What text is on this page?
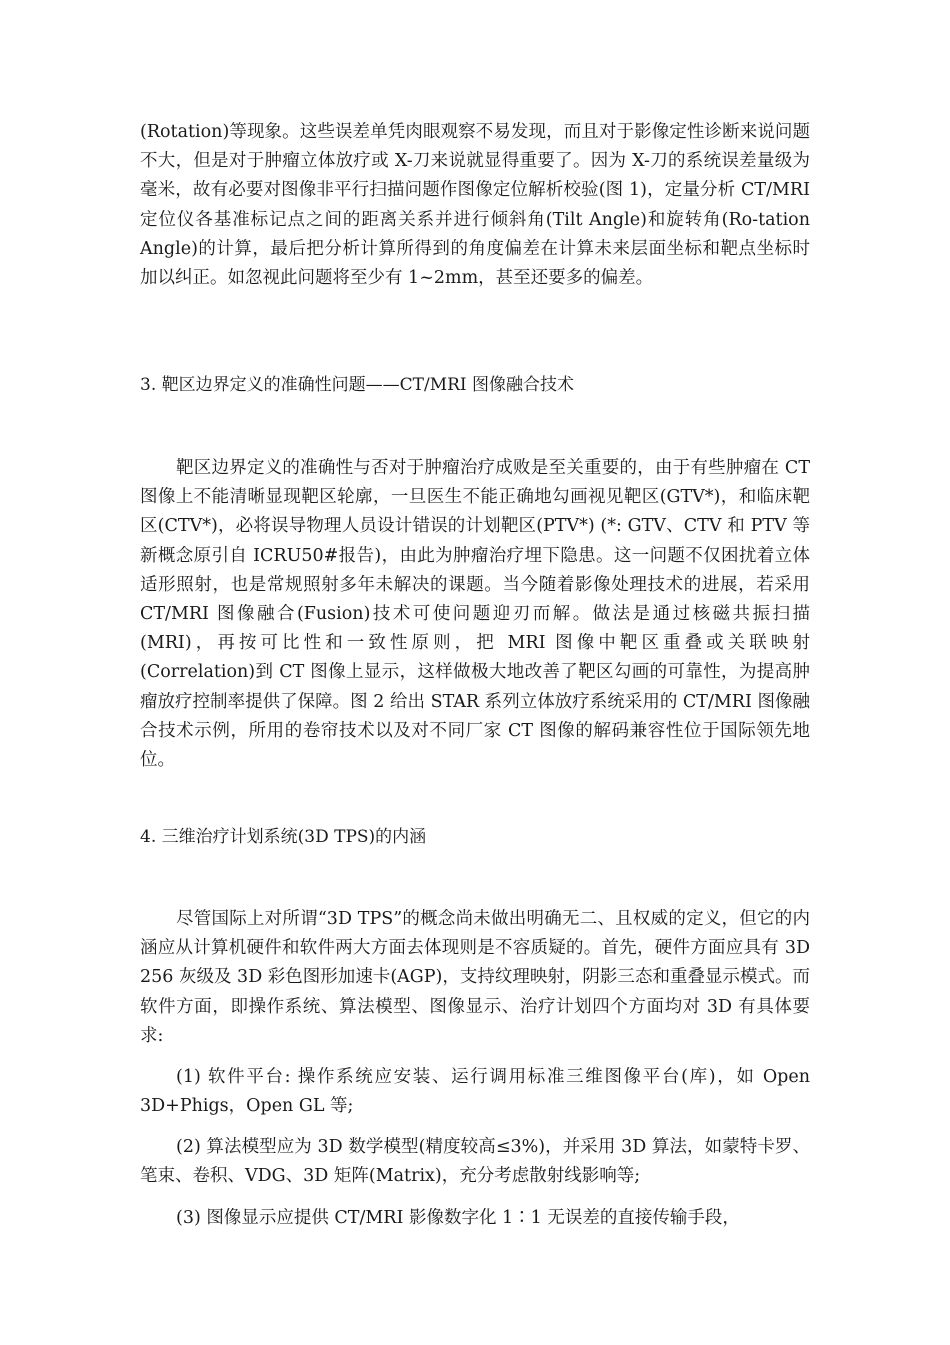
(Rotation)等现象。这些误差单凭肉眼观察不易发现，而且对于影像定性诊断来说问题不大，但是对于肿瘤立体放疗或 X-刀来说就显得重要了。因为 X-刀的系统误差量级为毫米，故有必要对图像非平行扫描问题作图像定位解析校验(图 1)，定量分析 CT/MRI 定位仪各基准标记点之间的距离关系并进行倾斜角(Tilt Angle)和旋转角(Ro-tation Angle)的计算，最后把分析计算所得到的角度偏差在计算未来层面坐标和靶点坐标时加以纠正。如忽视此问题将至少有 1~2mm，甚至还要多的偏差。

3. 靶区边界定义的准确性问题——CT/MRI 图像融合技术

靶区边界定义的准确性与否对于肿瘤治疗成败是至关重要的，由于有些肿瘤在 CT 图像上不能清晰显现靶区轮廓，一旦医生不能正确地勾画视见靶区(GTV*)，和临床靶区(CTV*)，必将误导物理人员设计错误的计划靶区(PTV*) (*: GTV、CTV 和 PTV 等新概念原引自 ICRU50#报告)，由此为肿瘤治疗埋下隐患。这一问题不仅困扰着立体适形照射，也是常规照射多年未解决的课题。当今随着影像处理技术的进展，若采用 CT/MRI 图像融合(Fusion)技术可使问题迎刃而解。做法是通过核磁共振扫描(MRI)，再按可比性和一致性原则，把 MRI 图像中靶区重叠或关联映射(Correlation)到 CT 图像上显示，这样做极大地改善了靶区勾画的可靠性，为提高肿瘤放疗控制率提供了保障。图 2 给出 STAR 系列立体放疗系统采用的 CT/MRI 图像融合技术示例，所用的卷帘技术以及对不同厂家 CT 图像的解码兼容性位于国际领先地位。

4. 三维治疗计划系统(3D TPS)的内涵

尽管国际上对所谓“3D TPS”的概念尚未做出明确无二、且权威的定义，但它的内涵应从计算机硬件和软件两大方面去体现则是不容质疑的。首先，硬件方面应具有 3D 256 灰级及 3D 彩色图形加速卡(AGP)，支持纹理映射，阴影三态和重叠显示模式。而软件方面，即操作系统、算法模型、图像显示、治疗计划四个方面均对 3D 有具体要求:

(1) 软件平台: 操作系统应安装、运行调用标准三维图像平台(库)，如 Open 3D+Phigs，Open GL 等;

(2) 算法模型应为 3D 数学模型(精度较高≤3%)，并采用 3D 算法，如蒙特卡罗、笔束、卷积、VDG、3D 矩阵(Matrix)，充分考虑散射线影响等;

(3) 图像显示应提供 CT/MRI 影像数字化 1∶1 无误差的直接传输手段，
